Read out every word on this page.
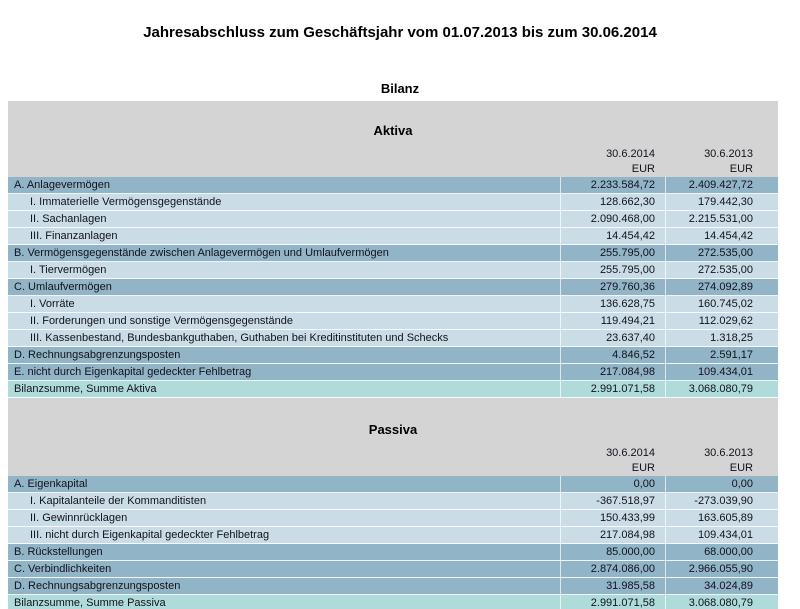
Jahresabschluss zum Geschäftsjahr vom 01.07.2013 bis zum 30.06.2014
Bilanz
Aktiva
30.6.2014	30.6.2013
EUR	EUR
A. Anlagevermögen	2.233.584,72	2.409.427,72
I. Immaterielle Vermögensgegenstände	128.662,30	179.442,30
II. Sachanlagen	2.090.468,00	2.215.531,00
III. Finanzanlagen	14.454,42	14.454,42
B. Vermögensgegenstände zwischen Anlagevermögen und Umlaufvermögen	255.795,00	272.535,00
I. Tiervermögen	255.795,00	272.535,00
C. Umlaufvermögen	279.760,36	274.092,89
I. Vorräte	136.628,75	160.745,02
II. Forderungen und sonstige Vermögensgegenstände	119.494,21	112.029,62
III. Kassenbestand, Bundesbankguthaben, Guthaben bei Kreditinstituten und Schecks	23.637,40	1.318,25
D. Rechnungsabgrenzungsposten	4.846,52	2.591,17
E. nicht durch Eigenkapital gedeckter Fehlbetrag	217.084,98	109.434,01
Bilanzsumme, Summe Aktiva	2.991.071,58	3.068.080,79
Passiva
30.6.2014	30.6.2013
EUR	EUR
A. Eigenkapital	0,00	0,00
I. Kapitalanteile der Kommanditisten	-367.518,97	-273.039,90
II. Gewinnrücklagen	150.433,99	163.605,89
III. nicht durch Eigenkapital gedeckter Fehlbetrag	217.084,98	109.434,01
B. Rückstellungen	85.000,00	68.000,00
C. Verbindlichkeiten	2.874.086,00	2.966.055,90
D. Rechnungsabgrenzungsposten	31.985,58	34.024,89
Bilanzsumme, Summe Passiva	2.991.071,58	3.068.080,79
